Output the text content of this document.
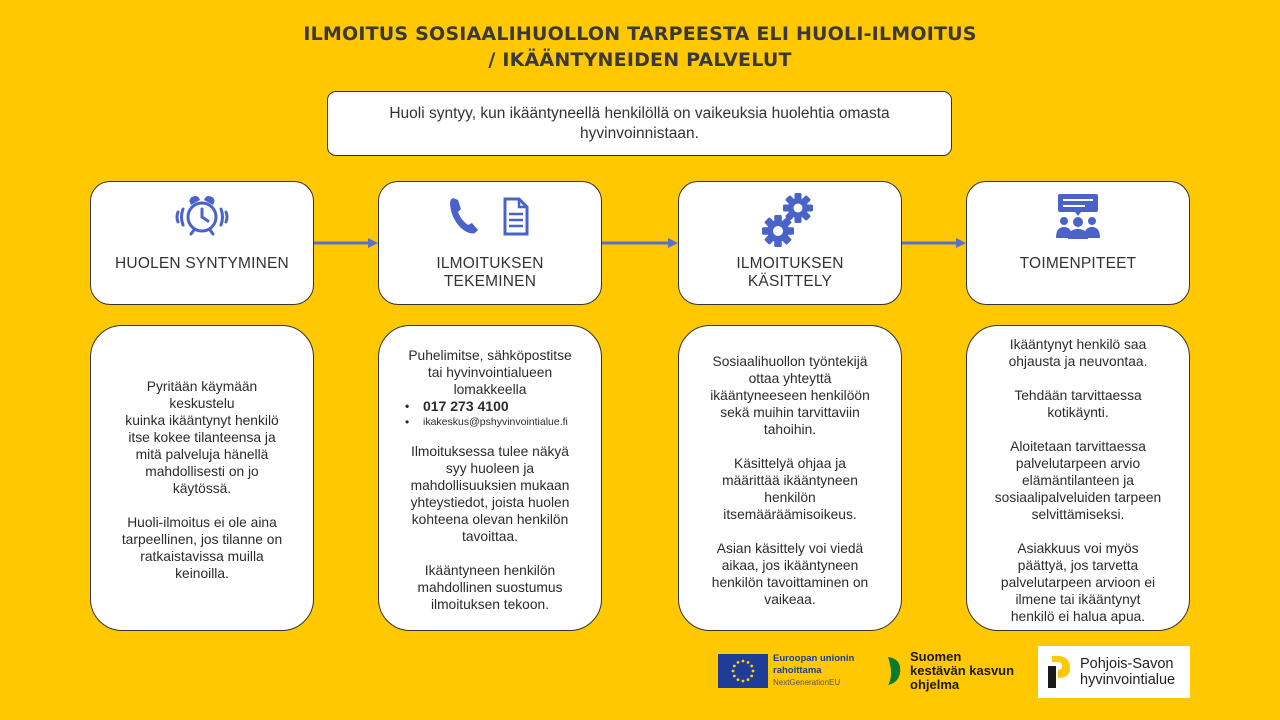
ILMOITUS SOSIAALIHUOLLON TARPEESTA ELI HUOLI-ILMOITUS
/ IKÄÄNTYNEIDEN PALVELUT
Huoli syntyy, kun ikääntyneellä henkilöllä on vaikeuksia huolehtia omasta hyvinvoinnistaan.
HUOLEN SYNTYMINEN	ILMOITUKSEN
TEKEMINEN
ILMOITUKSEN
KÄSITTELY
TOIMENPITEET

Pyritään käymään
keskustelu
kuinka ikääntynyt henkilö
itse kokee tilanteensa ja
mitä palveluja hänellä
mahdollisesti on jo
käytössä.

Huoli-ilmoitus ei ole aina
tarpeellinen, jos tilanne on
ratkaistavissa muilla
keinoilla.

Puhelimitse, sähköpostitse
tai hyvinvointialueen
lomakkeella

• 017 273 4100
• ikakeskus@pshyvinvointialue.fi

Ilmoituksessa tulee näkyä
syy huoleen ja
mahdollisuuksien mukaan
yhteystiedot, joista huolen
kohteena olevan henkilön
tavoittaa.

Ikääntyneen henkilön
mahdollinen suostumus
ilmoituksen tekoon.

Sosiaalihuollon työntekijä
ottaa yhteyttä
ikääntyneeseen henkilöön
sekä muihin tarvittaviin
tahoihin.

Käsittelyä ohjaa ja
määrittää ikääntyneen
henkilön
itsemääräämisoikeus.

Asian käsittely voi viedä
aikaa, jos ikääntyneen
henkilön tavoittaminen on
vaikeaa.

Ikääntynyt henkilö saa
ohjausta ja neuvontaa.

Tehdään tarvittaessa
kotikäynti.

Aloitetaan tarvittaessa
palvelutarpeen arvio
elämäntilanteen ja
sosiaalipalveluiden tarpeen
selvittämiseksi.

Asiakkuus voi myös
päättyä, jos tarvetta
palvelutarpeen arvioon ei
ilmene tai ikääntynyt
henkilö ei halua apua.

Euroopan unionin
rahoittama
NextGenerationEU
Suomen
kestävän kasvun
ohjelma
Pohjois-Savon
hyvinvointialue
